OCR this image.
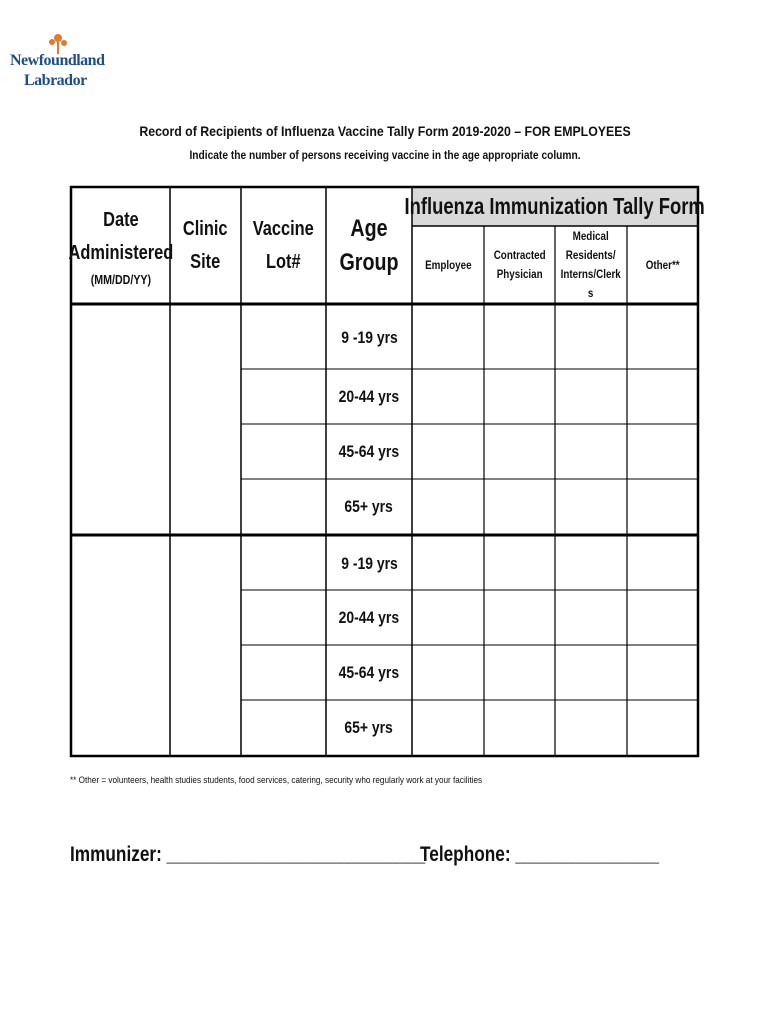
Newfoundland
Labrador
Record of Recipients of Influenza Vaccine Tally Form 2019-2020 – FOR EMPLOYEES
Indicate the number of persons receiving vaccine in the age appropriate column.
Date
Administered
(MM/DD/YY)
Clinic
Site
Vaccine
Lot#
Age
Group
Influenza Immunization Tally Form
Employee
Contracted
Physician
Medical
Residents/
Interns/Clerk
s
Other**
9 -19 yrs
20-44 yrs
45-64 yrs
65+ yrs
9 -19 yrs
20-44 yrs
45-64 yrs
65+ yrs
** Other = volunteers, health studies students, food services, catering, security who regularly work at your facilities
Immunizer: ___________________________
Telephone: _______________
